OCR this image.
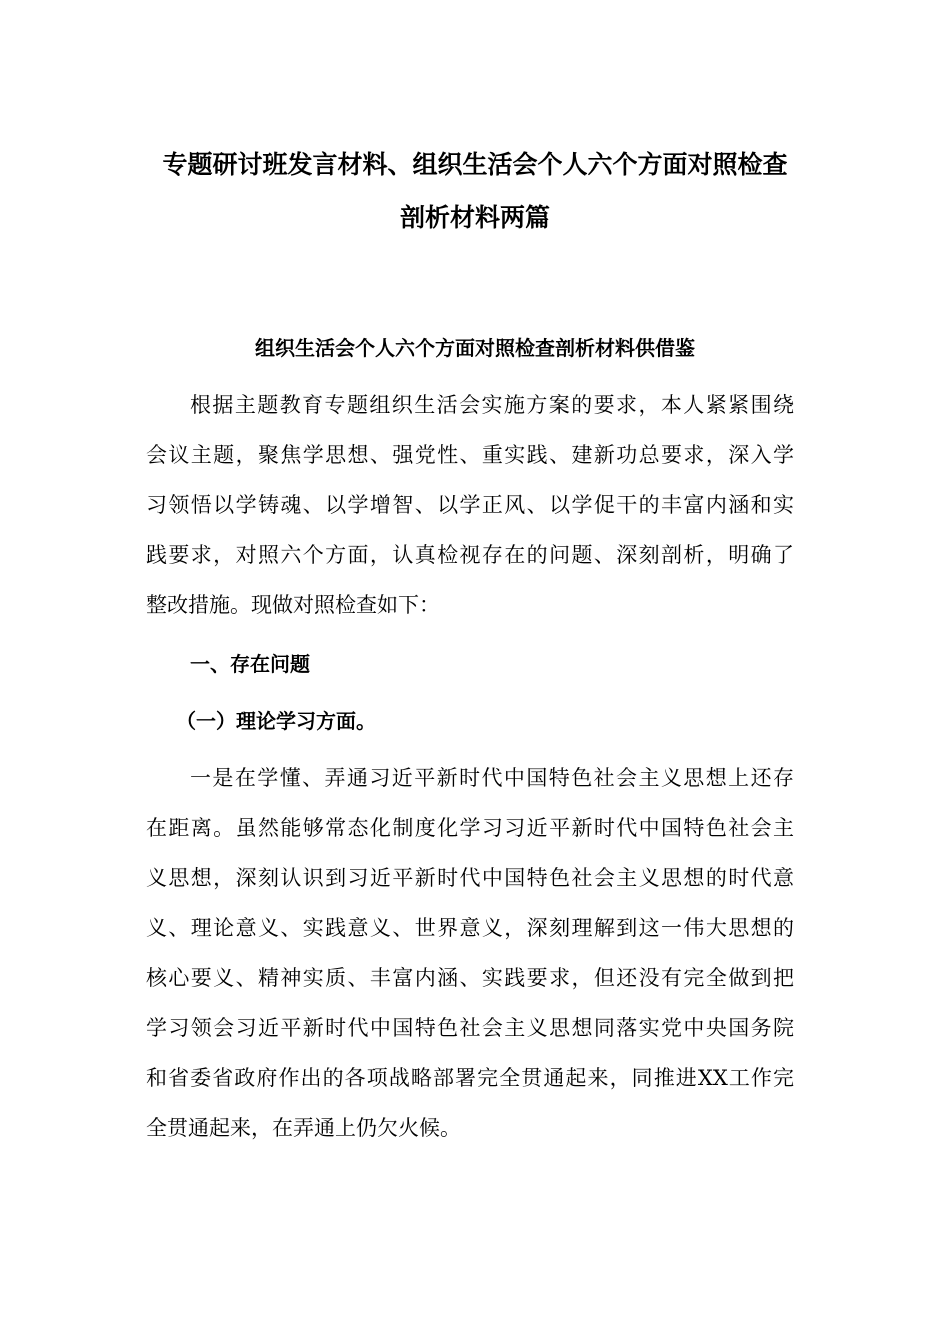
专题研讨班发言材料、组织生活会个人六个方面对照检查
剖析材料两篇
组织生活会个人六个方面对照检查剖析材料供借鉴
根据主题教育专题组织生活会实施方案的要求，本人紧紧围绕
会议主题，聚焦学思想、强党性、重实践、建新功总要求，深入学
习领悟以学铸魂、以学增智、以学正风、以学促干的丰富内涵和实
践要求，对照六个方面，认真检视存在的问题、深刻剖析，明确了
整改措施。现做对照检查如下：
一、存在问题
（一）理论学习方面。
一是在学懂、弄通习近平新时代中国特色社会主义思想上还存
在距离。虽然能够常态化制度化学习习近平新时代中国特色社会主
义思想，深刻认识到习近平新时代中国特色社会主义思想的时代意
义、理论意义、实践意义、世界意义，深刻理解到这一伟大思想的
核心要义、精神实质、丰富内涵、实践要求，但还没有完全做到把
学习领会习近平新时代中国特色社会主义思想同落实党中央国务院
和省委省政府作出的各项战略部署完全贯通起来，同推进XX工作完
全贯通起来，在弄通上仍欠火候。
